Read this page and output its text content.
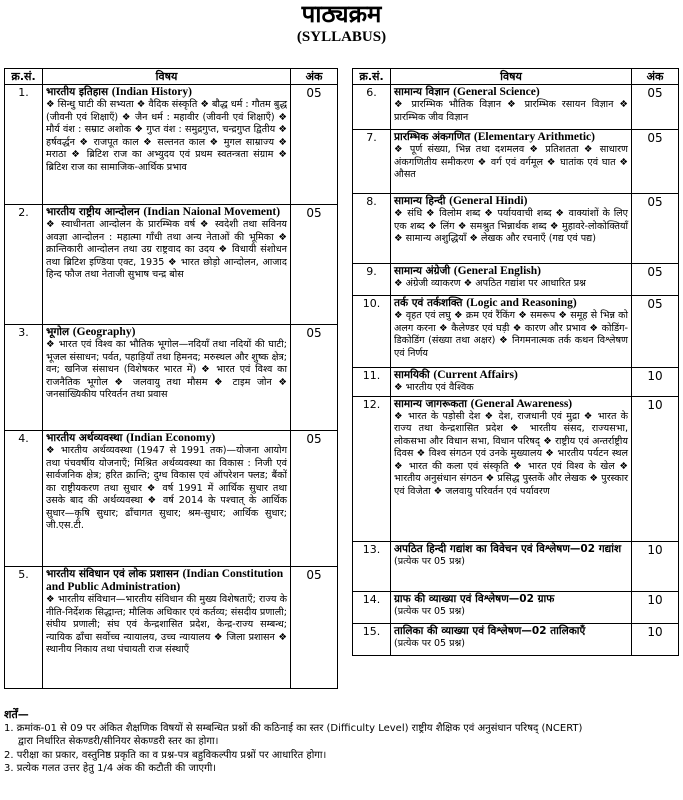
पाठ्यक्रम
(SYLLABUS)
क्र.सं.	विषय	अंक
1.	भारतीय इतिहास (Indian History)
❖ सिन्धु घाटी की सभ्यता ❖ वैदिक संस्कृति ❖ बौद्ध धर्म : गौतम बुद्ध (जीवनी एवं शिक्षाएँ) ❖ जैन धर्म : महावीर (जीवनी एवं शिक्षाएँ) ❖ मौर्य वंश : सम्राट अशोक ❖ गुप्त वंश : समुद्रगुप्त, चन्द्रगुप्त द्वितीय ❖ हर्षवर्द्धन ❖ राजपूत काल ❖ सल्तनत काल ❖ मुगल साम्राज्य ❖ मराठा ❖ ब्रिटिश राज का अभ्युदय एवं प्रथम स्वतन्त्रता संग्राम ❖ ब्रिटिश राज का सामाजिक-आर्थिक प्रभाव	05
2.	भारतीय राष्ट्रीय आन्दोलन (Indian Naional Movement)
❖ स्वाधीनता आन्दोलन के प्रारम्भिक वर्ष ❖ स्वदेशी तथा सविनय अवज्ञा आन्दोलन : महात्मा गाँधी तथा अन्य नेताओं की भूमिका ❖ क्रान्तिकारी आन्दोलन तथा उग्र राष्ट्रवाद का उदय ❖ विधायी संशोधन तथा ब्रिटिश इण्डिया एक्ट, 1935 ❖ भारत छोड़ो आन्दोलन, आजाद हिन्द फौज तथा नेताजी सुभाष चन्द्र बोस	05
3.	भूगोल (Geography)
❖ भारत एवं विश्व का भौतिक भूगोल—नदियाँ तथा नदियों की घाटी; भूजल संसाधन; पर्वत, पहाड़ियाँ तथा हिमनद; मरुस्थल और शुष्क क्षेत्र; वन; खनिज संसाधन (विशेषकर भारत में) ❖ भारत एवं विश्व का राजनैतिक भूगोल ❖ जलवायु तथा मौसम ❖ टाइम जोन ❖ जनसांख्यिकीय परिवर्तन तथा प्रवास	05
4.	भारतीय अर्थव्यवस्था (Indian Economy)
❖ भारतीय अर्थव्यवस्था (1947 से 1991 तक)—योजना आयोग तथा पंचवर्षीय योजनाएँ; मिश्रित अर्थव्यवस्था का विकास : निजी एवं सार्वजनिक क्षेत्र; हरित क्रान्ति; दुग्ध विकास एवं ऑपरेशन फ्लड; बैंकों का राष्ट्रीयकरण तथा सुधार ❖ वर्ष 1991 में आर्थिक सुधार तथा उसके बाद की अर्थव्यवस्था ❖ वर्ष 2014 के पश्चात् के आर्थिक सुधार—कृषि सुधार; ढाँचागत सुधार; श्रम-सुधार; आर्थिक सुधार; जी.एस.टी.	05
5.	भारतीय संविधान एवं लोक प्रशासन (Indian Constitution and Public Administration)
❖ भारतीय संविधान—भारतीय संविधान की मुख्य विशेषताएँ; राज्य के नीति-निर्देशक सिद्धान्त; मौलिक अधिकार एवं कर्तव्य; संसदीय प्रणाली; संघीय प्रणाली; संघ एवं केन्द्रशासित प्रदेश, केन्द्र-राज्य सम्बन्ध; न्यायिक ढाँचा सर्वोच्च न्यायालय, उच्च न्यायालय ❖ जिला प्रशासन ❖ स्थानीय निकाय तथा पंचायती राज संस्थाएँ	05
क्र.सं.	विषय	अंक
6.	सामान्य विज्ञान (General Science)
❖ प्रारम्भिक भौतिक विज्ञान ❖ प्रारम्भिक रसायन विज्ञान ❖ प्रारम्भिक जीव विज्ञान	05
7.	प्रारम्भिक अंकगणित (Elementary Arithmetic)
❖ पूर्ण संख्या, भिन्न तथा दशमलव ❖ प्रतिशतता ❖ साधारण अंकगणितीय समीकरण ❖ वर्ग एवं वर्गमूल ❖ घातांक एवं घात ❖ औसत	05
8.	सामान्य हिन्दी (General Hindi)
❖ संधि ❖ विलोम शब्द ❖ पर्यायवाची शब्द ❖ वाक्यांशों के लिए एक शब्द ❖ लिंग ❖ समश्रुत भिन्नार्थक शब्द ❖ मुहावरे-लोकोक्तियाँ ❖ सामान्य अशुद्धियाँ ❖ लेखक और रचनाएँ (गद्य एवं पद्य)	05
9.	सामान्य अंग्रेजी (General English)
❖ अंग्रेजी व्याकरण ❖ अपठित गद्यांश पर आधारित प्रश्न	05
10.	तर्क एवं तर्कशक्ति (Logic and Reasoning)
❖ वृहत एवं लघु ❖ क्रम एवं रैंकिंग ❖ समरूप ❖ समूह से भिन्न को अलग करना ❖ कैलेण्डर एवं घड़ी ❖ कारण और प्रभाव ❖ कोडिंग-डिकोडिंग (संख्या तथा अक्षर) ❖ निगमनात्मक तर्क कथन विश्लेषण एवं निर्णय	05
11.	सामयिकी (Current Affairs)
❖ भारतीय एवं वैश्विक	10
12.	सामान्य जागरूकता (General Awareness)
❖ भारत के पड़ोसी देश ❖ देश, राजधानी एवं मुद्रा ❖ भारत के राज्य तथा केन्द्रशासित प्रदेश ❖ भारतीय संसद, राज्यसभा, लोकसभा और विधान सभा, विधान परिषद् ❖ राष्ट्रीय एवं अन्तर्राष्ट्रीय दिवस ❖ विश्व संगठन एवं उनके मुख्यालय ❖ भारतीय पर्यटन स्थल ❖ भारत की कला एवं संस्कृति ❖ भारत एवं विश्व के खेल ❖ भारतीय अनुसंधान संगठन ❖ प्रसिद्ध पुस्तकें और लेखक ❖ पुरस्कार एवं विजेता ❖ जलवायु परिवर्तन एवं पर्यावरण	10
13.	अपठित हिन्दी गद्यांश का विवेचन एवं विश्लेषण—02 गद्यांश
(प्रत्येक पर 05 प्रश्न)	10
14.	ग्राफ की व्याख्या एवं विश्लेषण—02 ग्राफ
(प्रत्येक पर 05 प्रश्न)	10
15.	तालिका की व्याख्या एवं विश्लेषण—02 तालिकाएँ
(प्रत्येक पर 05 प्रश्न)	10

शर्तें—

1. क्रमांक-01 से 09 पर अंकित शैक्षणिक विषयों से सम्बन्धित प्रश्नों की कठिनाई का स्तर (Difficulty Level) राष्ट्रीय शैक्षिक एवं अनुसंधान परिषद् (NCERT)

द्वारा निर्धारित सेकण्डरी/सीनियर सेकण्डरी स्तर का होगा।

2. परीक्षा का प्रकार, वस्तुनिष्ठ प्रकृति का व प्रश्न-पत्र बहुविकल्पीय प्रश्नों पर आधारित होगा।

3. प्रत्येक गलत उत्तर हेतु 1/4 अंक की कटौती की जाएगी।
